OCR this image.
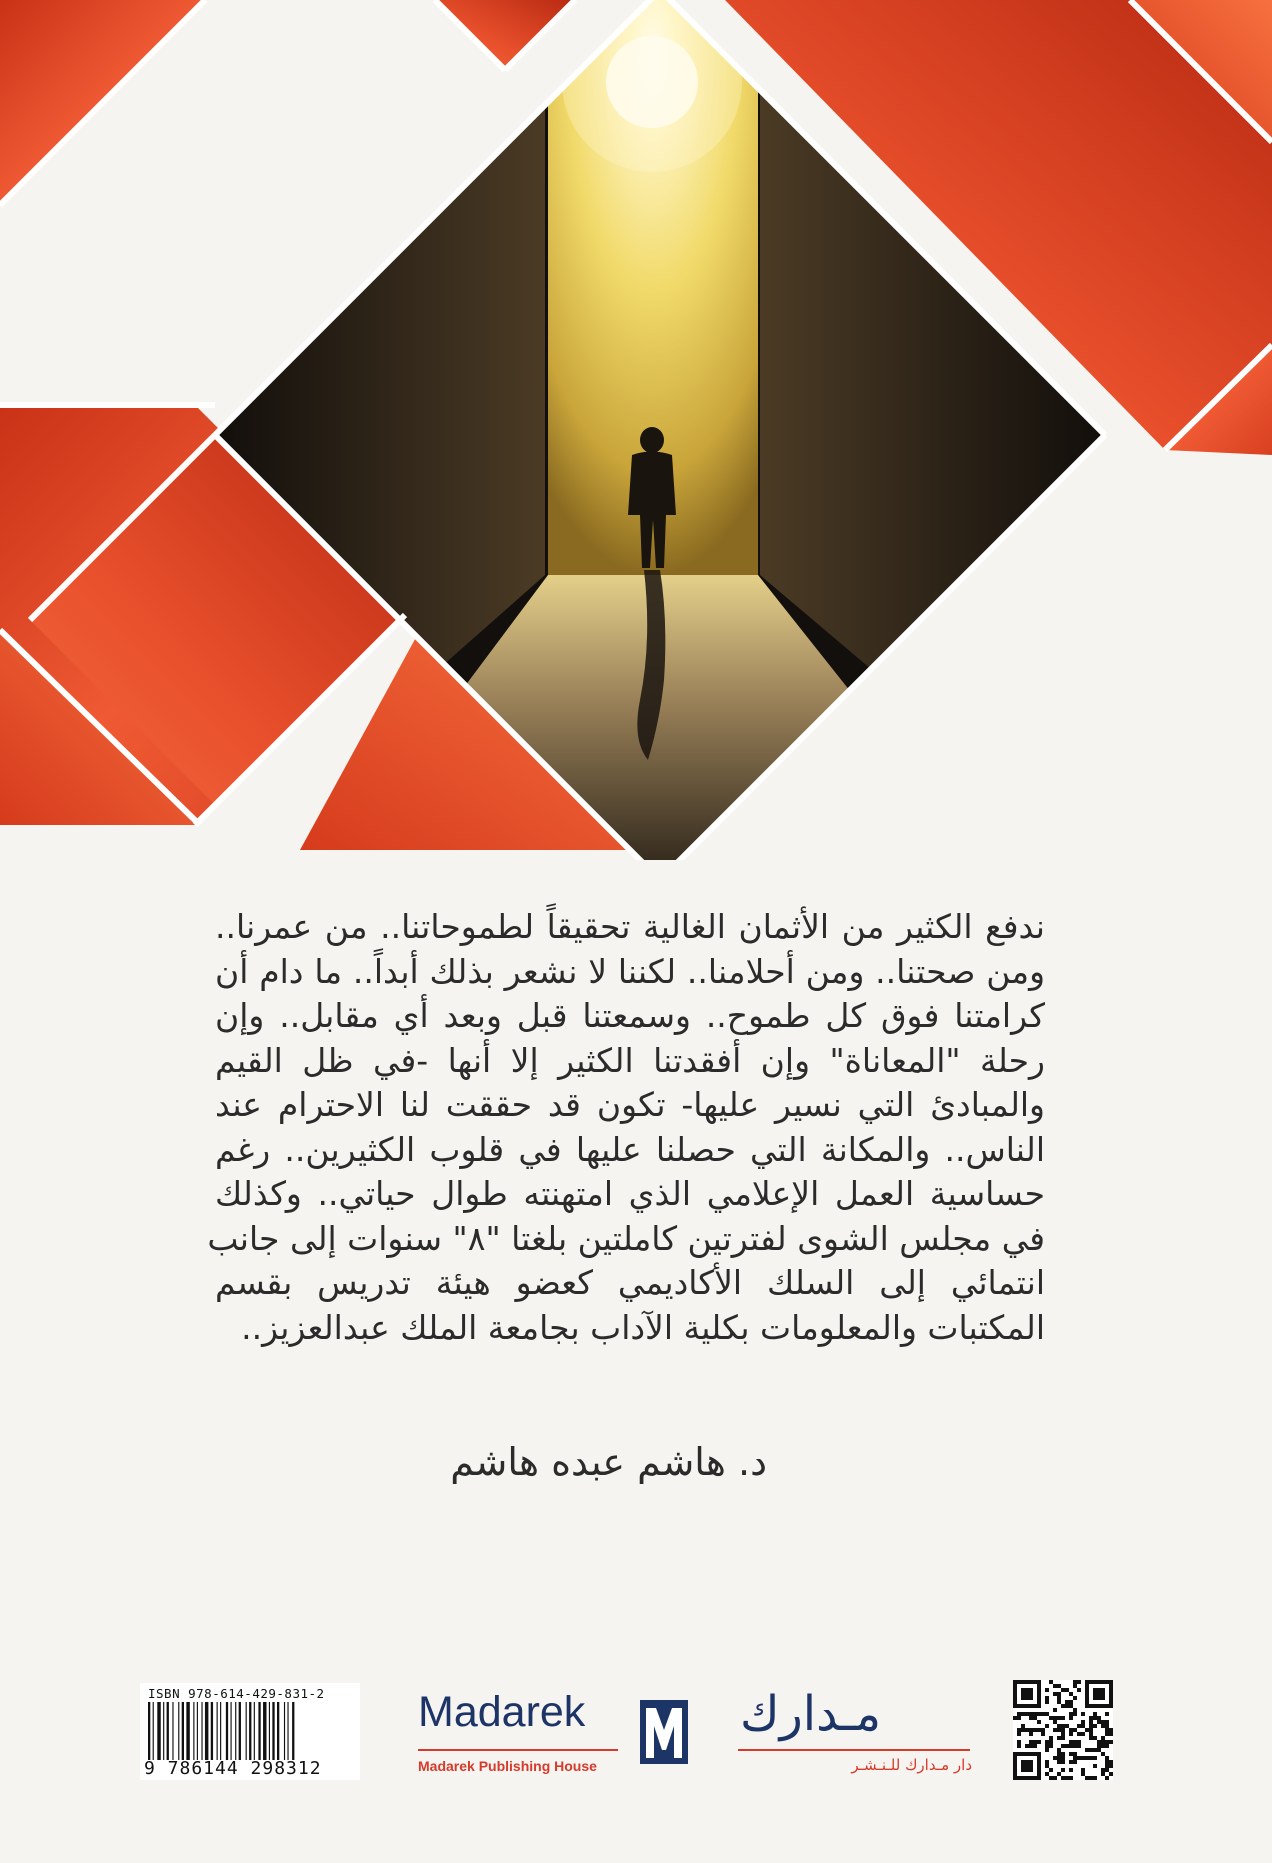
ندفع الكثير من الأثمان الغالية تحقيقاً لطموحاتنا.. من عمرنا..
ومن صحتنا.. ومن أحلامنا.. لكننا لا نشعر بذلك أبداً.. ما دام أن
كرامتنا فوق كل طموح.. وسمعتنا قبل وبعد أي مقابل.. وإن
رحلة "المعاناة" وإن أفقدتنا الكثير إلا أنها -في ظل القيم
والمبادئ التي نسير عليها- تكون قد حققت لنا الاحترام عند
الناس.. والمكانة التي حصلنا عليها في قلوب الكثيرين.. رغم
حساسية العمل الإعلامي الذي امتهنته طوال حياتي.. وكذلك
في مجلس الشوى لفترتين كاملتين بلغتا "٨" سنوات إلى جانب
انتمائي إلى السلك الأكاديمي كعضو هيئة تدريس بقسم
المكتبات والمعلومات بكلية الآداب بجامعة الملك عبدالعزيز..
د. هاشم عبده هاشم
ISBN 978-614-429-831-2
9 786144 298312
Madarek
Madarek Publishing House
مـدارك
دار مـدارك للـنـشـر
